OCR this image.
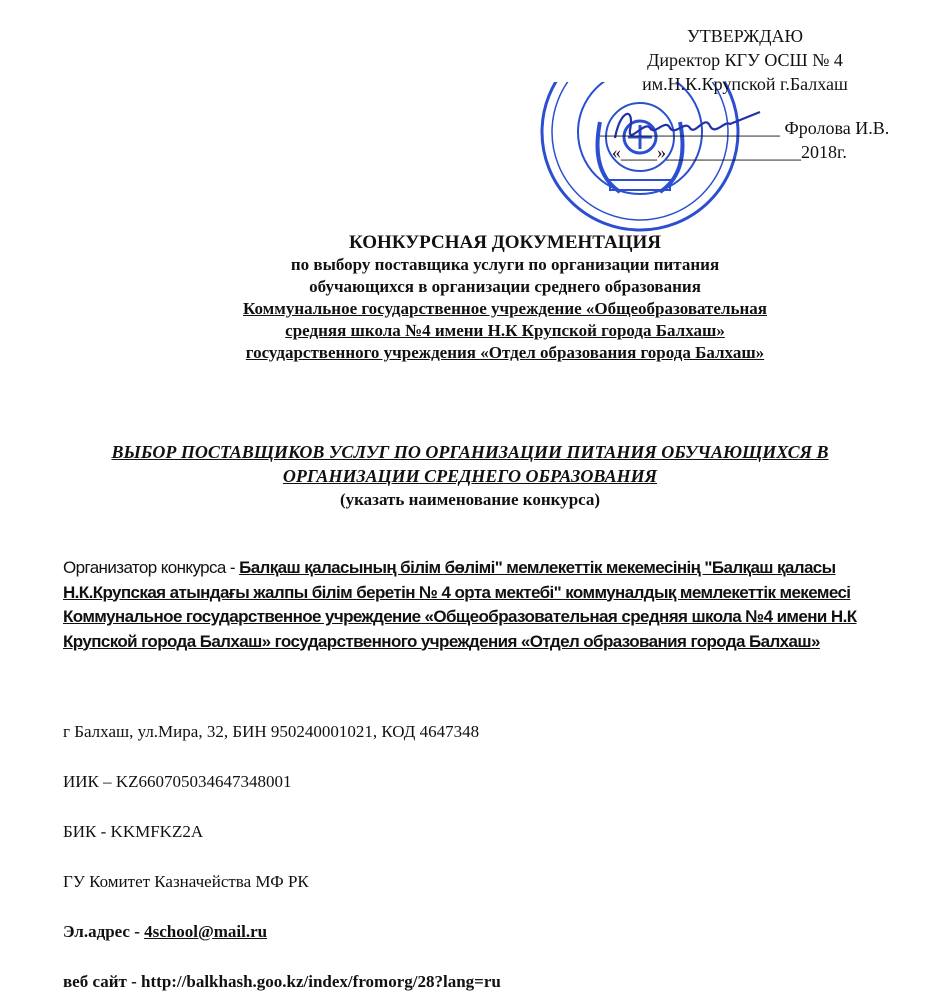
УТВЕРЖДАЮ
Директор КГУ ОСШ № 4
им.Н.К.Крупской г.Балхаш
____________________ Фролова И.В.
«____»_______________2018г.
КОНКУРСНАЯ ДОКУМЕНТАЦИЯ
по выбору поставщика услуги по организации питания
обучающихся в организации среднего образования
Коммунальное государственное учреждение «Общеобразовательная
средняя школа №4 имени Н.К Крупской города Балхаш»
государственного учреждения «Отдел образования города Балхаш»
ВЫБОР ПОСТАВЩИКОВ УСЛУГ ПО ОРГАНИЗАЦИИ ПИТАНИЯ ОБУЧАЮЩИХСЯ В
ОРГАНИЗАЦИИ СРЕДНЕГО ОБРАЗОВАНИЯ
(указать наименование конкурса)
Организатор конкурса - Балқаш қаласының білім бөлімі" мемлекеттік мекемесінің "Балқаш қаласы Н.К.Крупская атындағы жалпы білім беретін № 4 орта мектебі" коммуналдық мемлекеттік мекемесі
Коммунальное государственное учреждение «Общеобразовательная средняя школа №4 имени Н.К Крупской города Балхаш» государственного учреждения «Отдел образования города Балхаш»
г Балхаш, ул.Мира, 32, БИН 950240001021, КОД 4647348
ИИК – KZ660705034647348001
БИК - KKMFKZ2A
ГУ Комитет Казначейства МФ РК
Эл.адрес - 4school@mail.ru
веб сайт - http://balkhash.goo.kz/index/fromorg/28?lang=ru
